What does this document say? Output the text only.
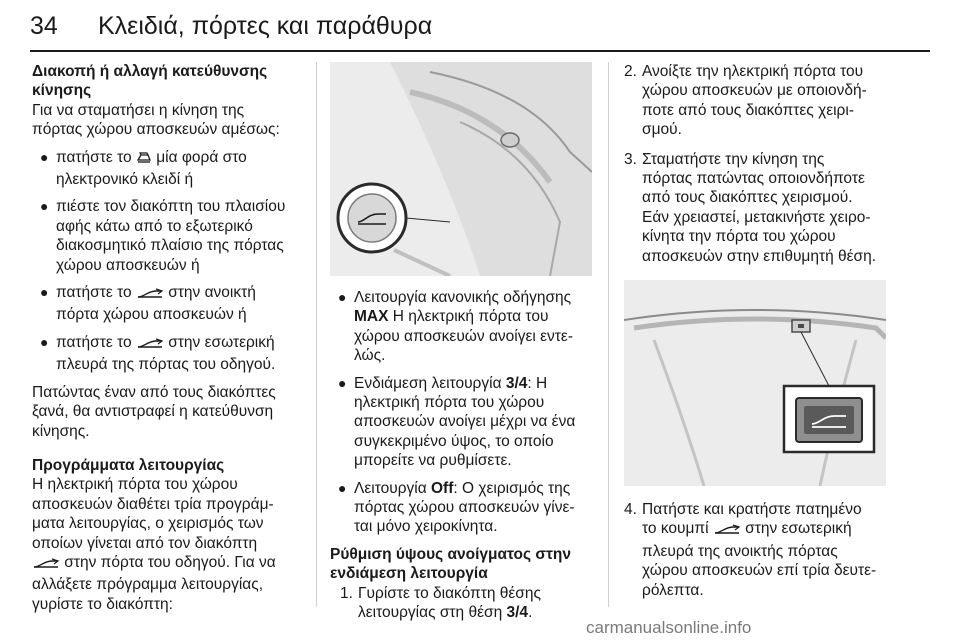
34 Κλειδιά, πόρτες και παράθυρα

Διακοπή ή αλλαγή κατεύθυνσης
κίνησης

Για να σταματήσει η κίνηση της
πόρτας χώρου αποσκευών αμέσως:

● πατήστε το  μία φορά στο
ηλεκτρονικό κλειδί ή
● πιέστε τον διακόπτη του πλαισίου
αφής κάτω από το εξωτερικό
διακοσμητικό πλαίσιο της πόρτας
χώρου αποσκευών ή
● πατήστε το  στην ανοικτή
πόρτα χώρου αποσκευών ή
● πατήστε το  στην εσωτερική
πλευρά της πόρτας του οδηγού.

Πατώντας έναν από τους διακόπτες
ξανά, θα αντιστραφεί η κατεύθυνση
κίνησης.

Προγράμματα λειτουργίας

Η ηλεκτρική πόρτα του χώρου
αποσκευών διαθέτει τρία προγράμ-
ματα λειτουργίας, ο χειρισμός των
οποίων γίνεται από τον διακόπτη
στην πόρτα του οδηγού. Για να
αλλάξετε πρόγραμμα λειτουργίας,
γυρίστε το διακόπτη:

● Λειτουργία κανονικής οδήγησης
MAX Η ηλεκτρική πόρτα του
χώρου αποσκευών ανοίγει εντε-
λώς.
● Ενδιάμεση λειτουργία 3/4: Η
ηλεκτρική πόρτα του χώρου
αποσκευών ανοίγει μέχρι να ένα
συγκεκριμένο ύψος, το οποίο
μπορείτε να ρυθμίσετε.
● Λειτουργία Off: Ο χειρισμός της
πόρτας χώρου αποσκευών γίνε-
ται μόνο χειροκίνητα.

Ρύθμιση ύψους ανοίγματος στην
ενδιάμεση λειτουργία

1. Γυρίστε το διακόπτη θέσης
λειτουργίας στη θέση 3/4.
2. Ανοίξτε την ηλεκτρική πόρτα του
χώρου αποσκευών με οποιονδή-
ποτε από τους διακόπτες χειρι-
σμού.
3. Σταματήστε την κίνηση της
πόρτας πατώντας οποιονδήποτε
από τους διακόπτες χειρισμού.
Εάν χρειαστεί, μετακινήστε χειρο-
κίνητα την πόρτα του χώρου
αποσκευών στην επιθυμητή θέση.
4. Πατήστε και κρατήστε πατημένο
το κουμπί  στην εσωτερική
πλευρά της ανοικτής πόρτας
χώρου αποσκευών επί τρία δευτε-
ρόλεπτα.
carmanualsonline.info
